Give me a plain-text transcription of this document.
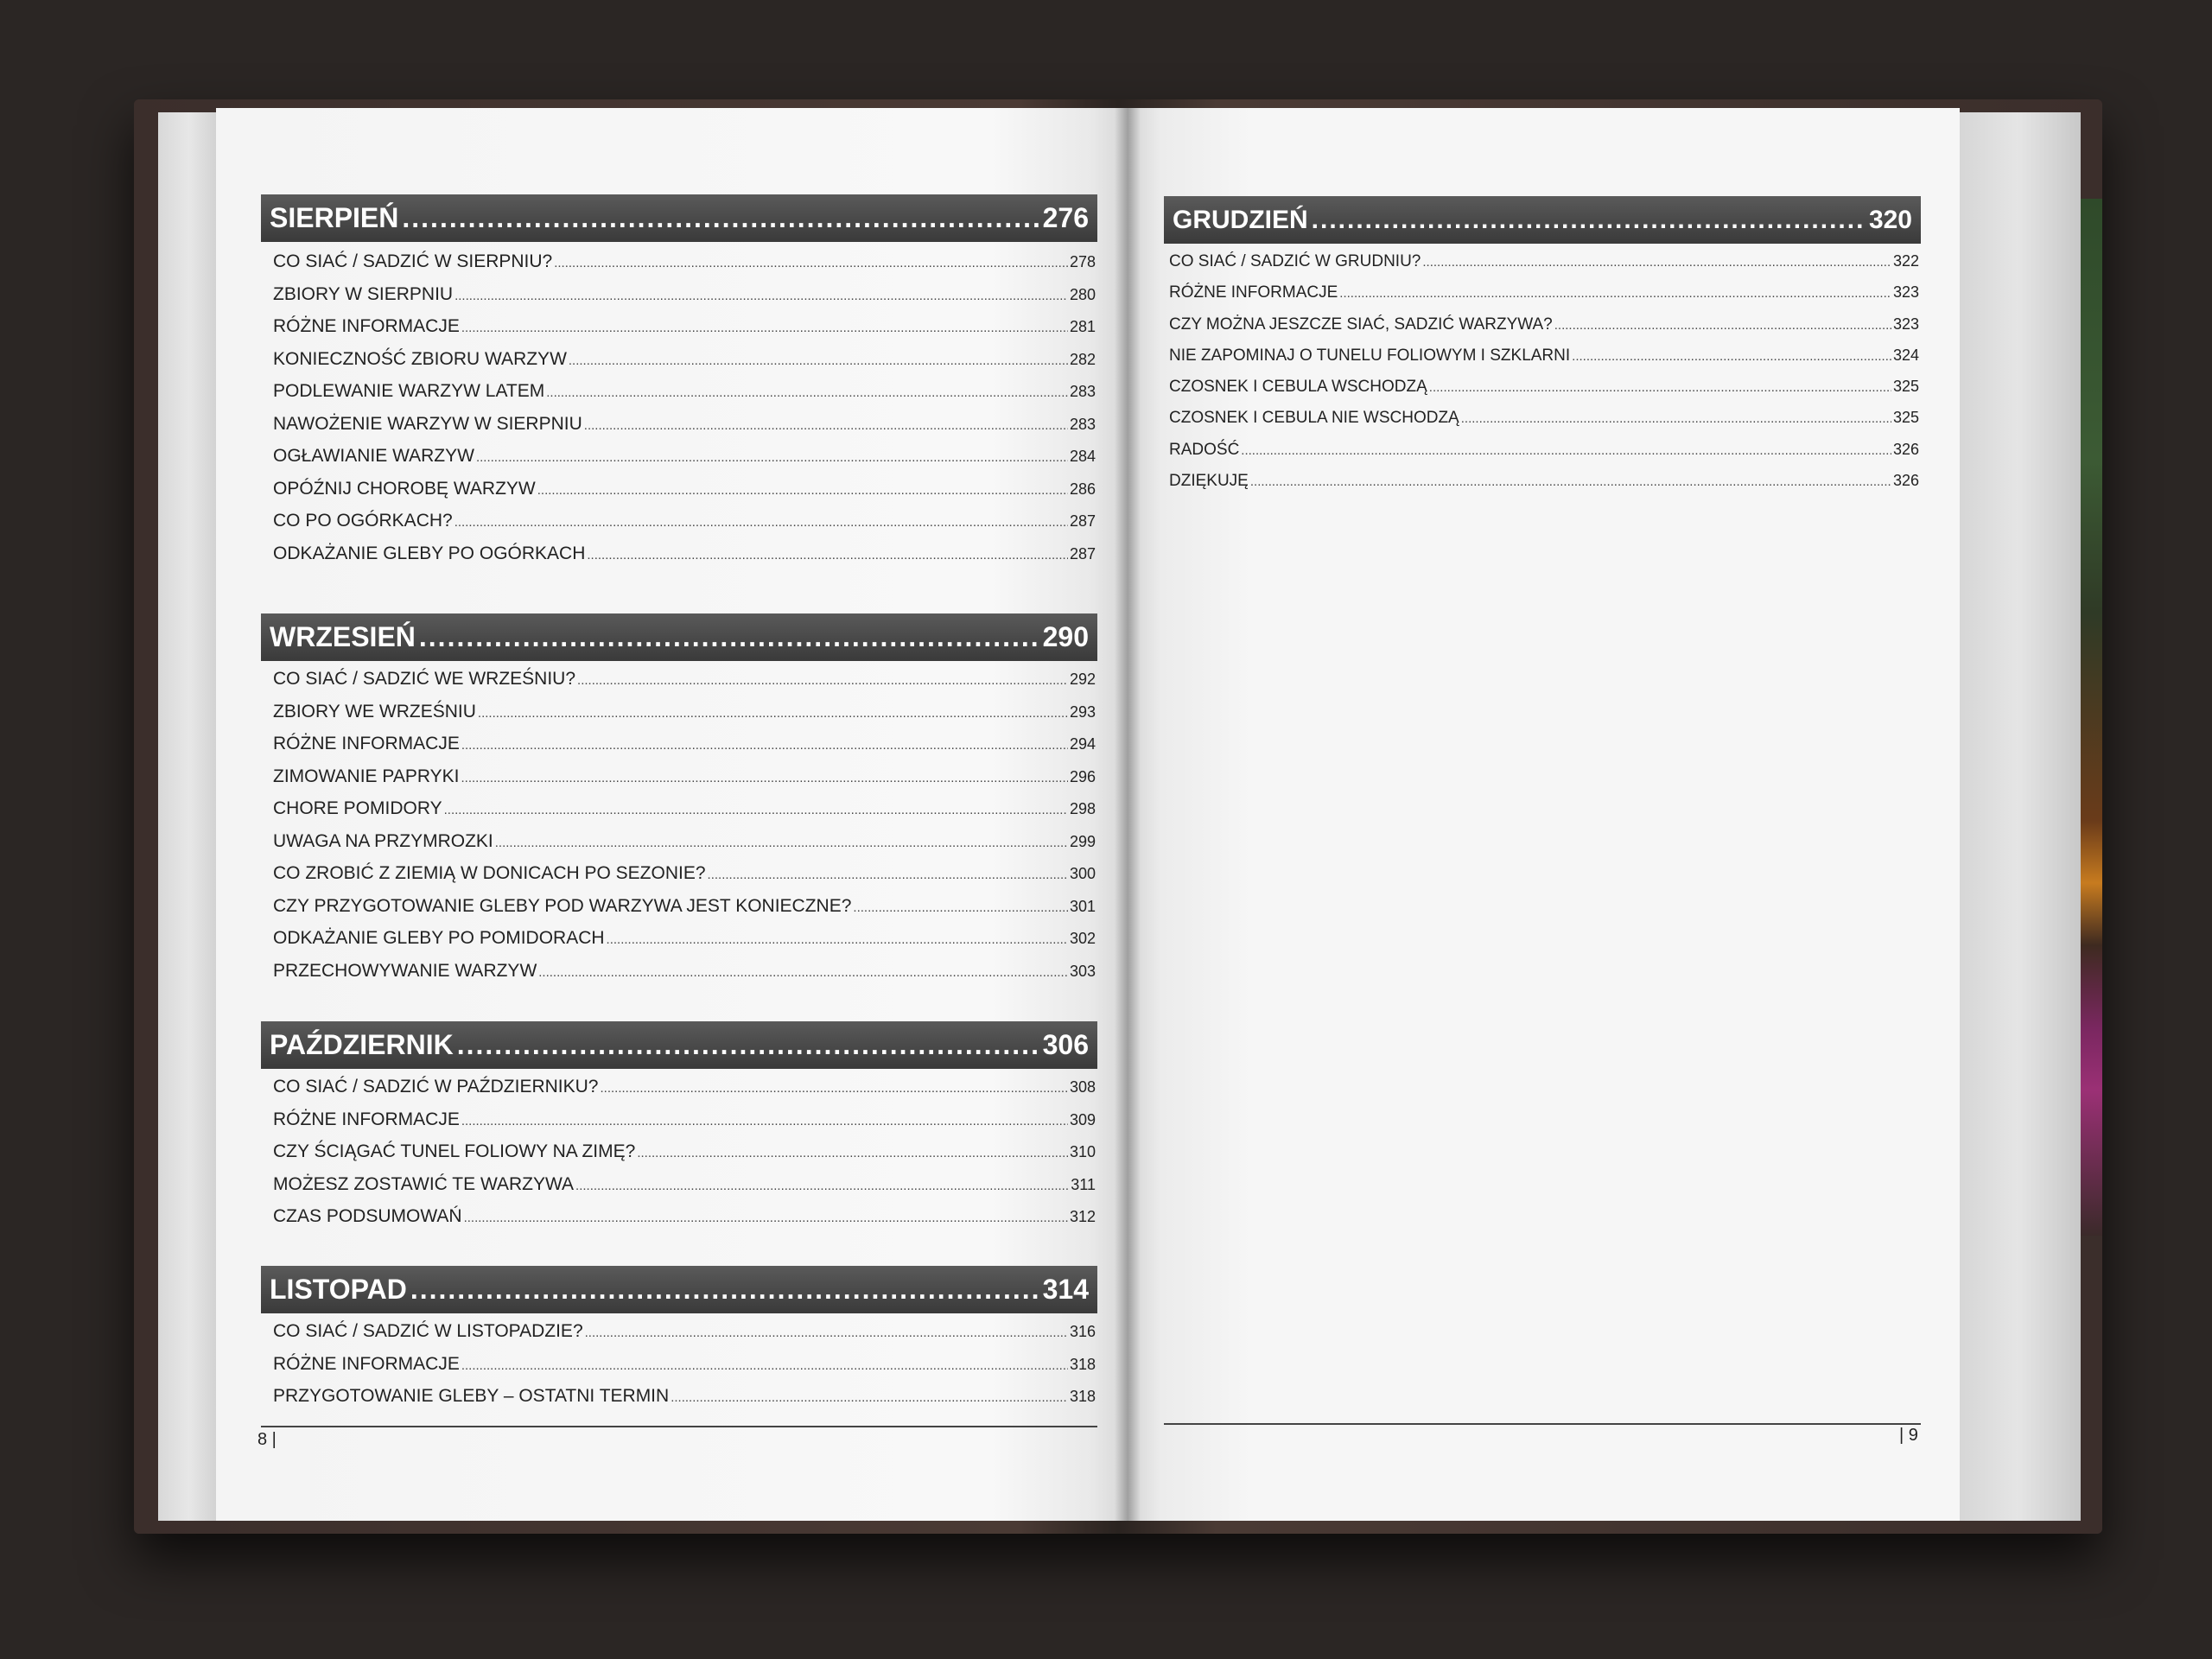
SIERPIEŃ .....	276
CO SIAĆ / SADZIĆ W SIERPNIU? .....	278
ZBIORY W SIERPNIU .....	280
RÓŻNE INFORMACJE .....	281
KONIECZNOŚĆ ZBIORU WARZYW .....	282
PODLEWANIE WARZYW LATEM .....	283
NAWOŻENIE WARZYW W SIERPNIU .....	283
OGŁAWIANIE WARZYW .....	284
OPÓŹNIJ CHOROBĘ WARZYW .....	286
CO PO OGÓRKACH? .....	287
ODKAŻANIE GLEBY PO OGÓRKACH .....	287
WRZESIEŃ .....	290
CO SIAĆ / SADZIĆ WE WRZEŚNIU? .....	292
ZBIORY WE WRZEŚNIU .....	293
RÓŻNE INFORMACJE .....	294
ZIMOWANIE PAPRYKI .....	296
CHORE POMIDORY .....	298
UWAGA NA PRZYMROZKI .....	299
CO ZROBIĆ Z ZIEMIĄ W DONICACH PO SEZONIE? .....	300
CZY PRZYGOTOWANIE GLEBY POD WARZYWA JEST KONIECZNE? .....	301
ODKAŻANIE GLEBY PO POMIDORACH .....	302
PRZECHOWYWANIE WARZYW .....	303
PAŹDZIERNIK .....	306
CO SIAĆ / SADZIĆ W PAŹDZIERNIKU? .....	308
RÓŻNE INFORMACJE .....	309
CZY ŚCIĄGAĆ TUNEL FOLIOWY NA ZIMĘ? .....	310
MOŻESZ ZOSTAWIĆ TE WARZYWA .....	311
CZAS PODSUMOWAŃ .....	312
LISTOPAD .....	314
CO SIAĆ / SADZIĆ W LISTOPADZIE? .....	316
RÓŻNE INFORMACJE .....	318
PRZYGOTOWANIE GLEBY – OSTATNI TERMIN .....	318
8 |
GRUDZIEŃ .....	320
CO SIAĆ / SADZIĆ W GRUDNIU? .....	322
RÓŻNE INFORMACJE .....	323
CZY MOŻNA JESZCZE SIAĆ, SADZIĆ WARZYWA? .....	323
NIE ZAPOMINAJ O TUNELU FOLIOWYM I SZKLARNI .....	324
CZOSNEK I CEBULA WSCHODZĄ .....	325
CZOSNEK I CEBULA NIE WSCHODZĄ .....	325
RADOŚĆ .....	326
DZIĘKUJĘ .....	326
| 9
